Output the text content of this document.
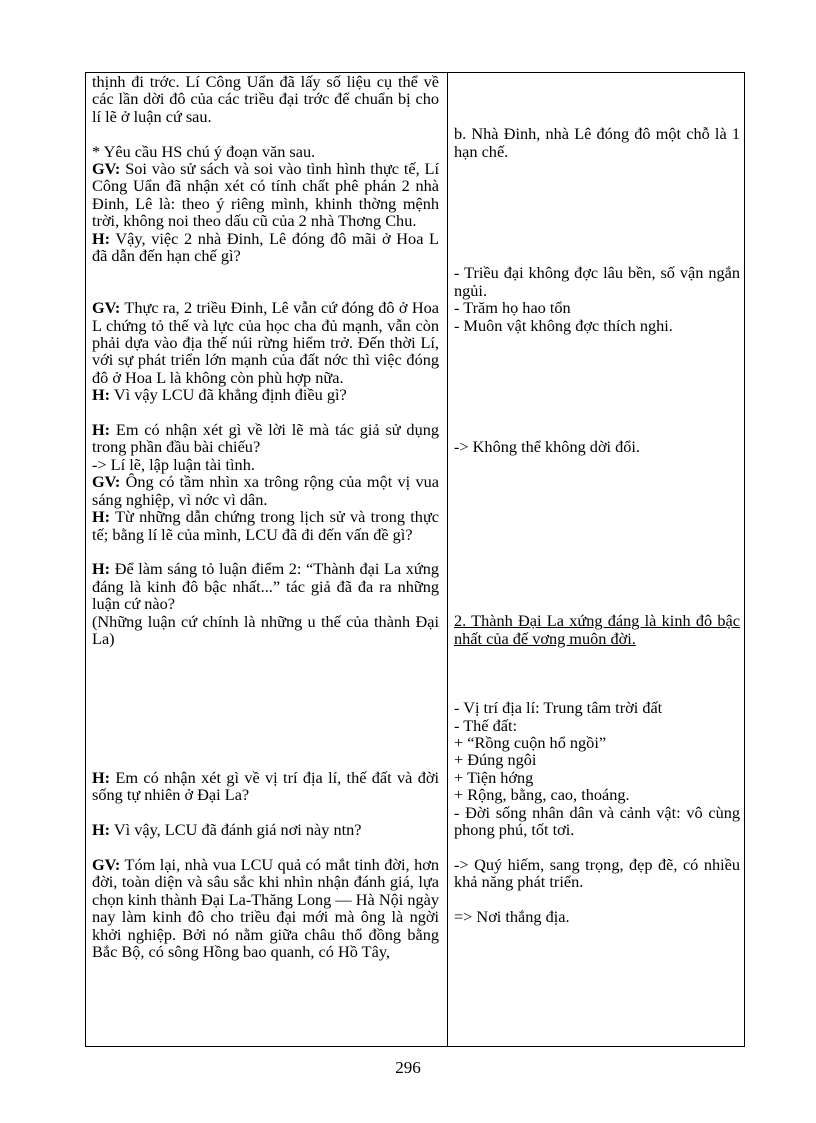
thịnh đi trớc. Lí Công Uẩn đã lấy số liệu cụ thể về các lần dời đô của các triều đại trớc để chuẩn bị cho lí lẽ ở luận cứ sau.

* Yêu cầu HS chú ý đoạn văn sau.

GV: Soi vào sử sách và soi vào tình hình thực tế, Lí Công Uẩn đã nhận xét có tính chất phê phán 2 nhà Đinh, Lê là: theo ý riêng mình, khinh thờng mệnh trời, không noi theo dấu cũ của 2 nhà Thơng Chu.

H: Vậy, việc 2 nhà Đinh, Lê đóng đô mãi ở Hoa L đã dẫn đến hạn chế gì?

GV: Thực ra, 2 triều Đinh, Lê vẫn cứ đóng đô ở Hoa L chứng tỏ thế và lực của học cha đủ mạnh, vẫn còn phải dựa vào địa thế núi rừng hiểm trở. Đến thời Lí, với sự phát triển lớn mạnh của đất nớc thì việc đóng đô ở Hoa L là không còn phù hợp nữa.

H: Vì vậy LCU đã khẳng định điều gì?

H: Em có nhận xét gì về lời lẽ mà tác giả sử dụng trong phần đầu bài chiếu?

-> Lí lẽ, lập luận tài tình.

GV: Ông có tầm nhìn xa trông rộng của một vị vua sáng nghiệp, vì nớc vì dân.

H: Từ những dẫn chứng trong lịch sử và trong thực tế; bằng lí lẽ của mình, LCU đã đi đến vấn đề gì?

H: Để làm sáng tỏ luận điểm 2: “Thành đại La xứng đáng là kinh đô bậc nhất...” tác giả đã đa ra những luận cứ nào?

(Những luận cứ chính là những u thế của thành Đại La)

H: Em có nhận xét gì về vị trí địa lí, thế đất và đời sống tự nhiên ở Đại La?

H: Vì vậy, LCU đã đánh giá nơi này ntn?

GV: Tóm lại, nhà vua LCU quả có mắt tinh đời, hơn đời, toàn diện và sâu sắc khi nhìn nhận đánh giá, lựa chọn kinh thành Đại La-Thăng Long — Hà Nội ngày nay làm kinh đô cho triều đại mới mà ông là ngời khởi nghiệp. Bởi nó nằm giữa châu thổ đồng bằng Bắc Bộ, có sông Hồng bao quanh, có Hồ Tây,

b. Nhà Đinh, nhà Lê đóng đô một chỗ là 1 hạn chế.

- Triều đại không đợc lâu bền, số vận ngắn ngủi.

- Trăm họ hao tổn

- Muôn vật không đợc thích nghi.

-> Không thể không dời đổi.

2. Thành Đại La xứng đáng là kinh đô bậc nhất của đế vơng muôn đời.

- Vị trí địa lí: Trung tâm trời đất

- Thế đất:

+ “Rồng cuộn hổ ngồi”

+ Đúng ngôi

+ Tiện hớng

+ Rộng, bằng, cao, thoáng.

- Đời sống nhân dân và cảnh vật: vô cùng phong phú, tốt tơi.

-> Quý hiếm, sang trọng, đẹp đẽ, có nhiều khả năng phát triển.

=> Nơi thắng địa.

296
